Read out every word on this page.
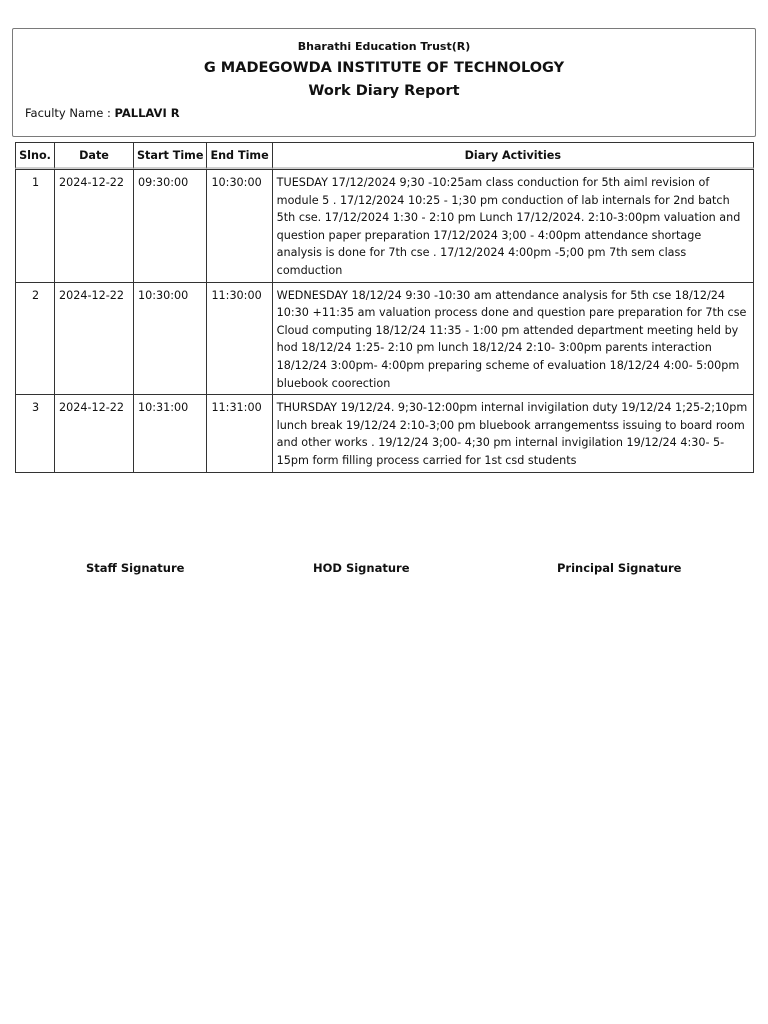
Bharathi Education Trust(R)
G MADEGOWDA INSTITUTE OF TECHNOLOGY
Work Diary Report
Faculty Name : PALLAVI R
Slno.	Date	Start Time	End Time	Diary Activities
1	2024-12-22	09:30:00	10:30:00	TUESDAY 17/12/2024 9;30 -10:25am class conduction for 5th aiml revision of module 5 . 17/12/2024 10:25 - 1;30 pm conduction of lab internals for 2nd batch 5th cse. 17/12/2024 1:30 - 2:10 pm Lunch 17/12/2024. 2:10-3:00pm valuation and question paper preparation 17/12/2024 3;00 - 4:00pm attendance shortage analysis is done for 7th cse . 17/12/2024 4:00pm -5;00 pm 7th sem class comduction
2	2024-12-22	10:30:00	11:30:00	WEDNESDAY 18/12/24 9:30 -10:30 am attendance analysis for 5th cse 18/12/24 10:30 +11:35 am valuation process done and question pare preparation for 7th cse Cloud computing 18/12/24 11:35 - 1:00 pm attended department meeting held by hod 18/12/24 1:25- 2:10 pm lunch 18/12/24 2:10- 3:00pm parents interaction 18/12/24 3:00pm- 4:00pm preparing scheme of evaluation 18/12/24 4:00- 5:00pm bluebook coorection
3	2024-12-22	10:31:00	11:31:00	THURSDAY 19/12/24. 9;30-12:00pm internal invigilation duty 19/12/24 1;25-2;10pm lunch break 19/12/24 2:10-3;00 pm bluebook arrangementss issuing to board room and other works . 19/12/24 3;00- 4;30 pm internal invigilation 19/12/24 4:30- 5-15pm form filling process carried for 1st csd students
Staff Signature	HOD Signature	Principal Signature
